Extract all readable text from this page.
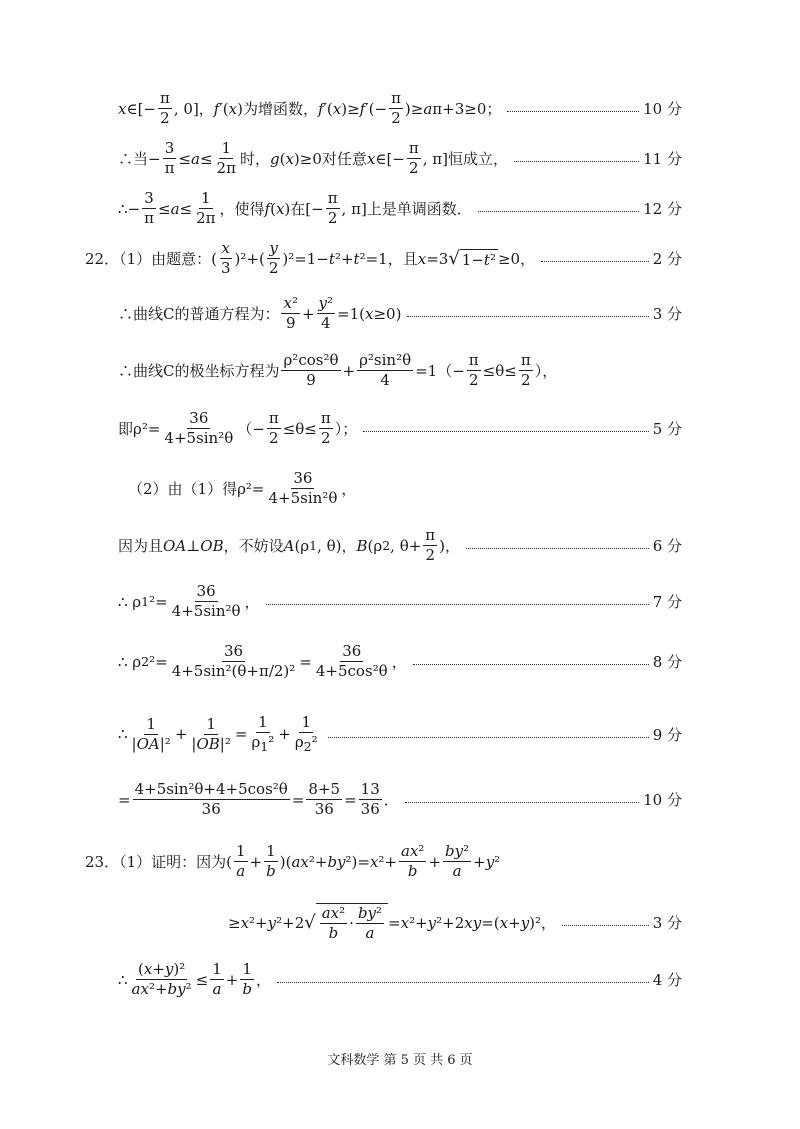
x ∈[− $\frac{\pi}{2}$ , 0]， f ′( x )为增函数， f ′( x )≥ f ′(− $\frac{\pi}{2}$ )≥ a π+3≥0；	10 分
∴当− $\frac{3}{\pi} \le a \le \frac{1}{2\pi}$ 时， g ( x )≥0对任意 x ∈[− $\frac{\pi}{2}$ , π]恒成立，	11 分
∴− $\frac{3}{\pi} \le a \le \frac{1}{2\pi}$ ，使得 f ( x )在[− $\frac{\pi}{2}$ , π]上是单调函数．	12 分
22．（1）由题意：( $\frac{x}{3} )^2+( \frac{y}{2} )^2=1- t$ ²+ t ²=1，且 x =3 √ 1−t² ≥0，	2 分
∴曲线C的普通方程为： $\frac{\text{x²}}{9} + \frac{\text{y²}}{4} =1$( x ≥0)	3 分
∴曲线C的极坐标方程为 $\frac{\text{ρ²cos²θ}}{9} + \frac{\text{ρ²sin²θ}}{4} =1(- \frac{\pi}{2} \le\theta\le \frac{\pi}{2}$ ），
即$\rho^2= \frac{36}{\text{4+5sin²θ}}$ （− $\frac{\pi}{2} \le\theta\le \frac{\pi}{2}$ ）；	5 分
（2）由（1）得$\rho^2= \frac{36}{\text{4+5sin²θ}}$ ，
因为且 OA ⊥ OB ，不妨设 A (ρ 1 , θ)， B (ρ 2 , $\theta+ \frac{\pi}{2}$ )，	6 分
∴ ρ 1 $^2= \frac{36}{\text{4+5sin²θ}}$ ，	7 分
∴ ρ 2 $^2= \frac{36}{\text{4+5sin²(θ+π/2)²}} = \frac{36}{\text{4+5cos²θ}}$ ，	8 分
∴ $\frac{1}{\text{|OA|²}} + \frac{1}{\text{|OB|²}} = \frac{1}{\rho_1^2} + \frac{1}{\rho_2^2}$	9 分
= $\frac{\text{4+5sin²θ+4+5cos²θ}}{36} = \frac{8+5}{36} = \frac{13}{36}$ ．	10 分
23．（1）证明：因为( $\frac{1}{a} + \frac{1}{b}$ )( ax ²+ by ²)= x $^2+ \frac{\text{ax²}}{b} + \frac{\text{by²}}{a} + y$ ²
≥ x ²+ y ²+2 √ $\frac{\text{ax²}}{b} \cdot \frac{\text{by²}}{a} = x$ ²+ y ²+2 xy =( x + y )²，	3 分
∴ $\frac{\text{(x+y)²}}{\text{ax²+by²}} \le \frac{1}{a} + \frac{1}{b}$ ，	4 分
文科数学 第 5 页 共 6 页
